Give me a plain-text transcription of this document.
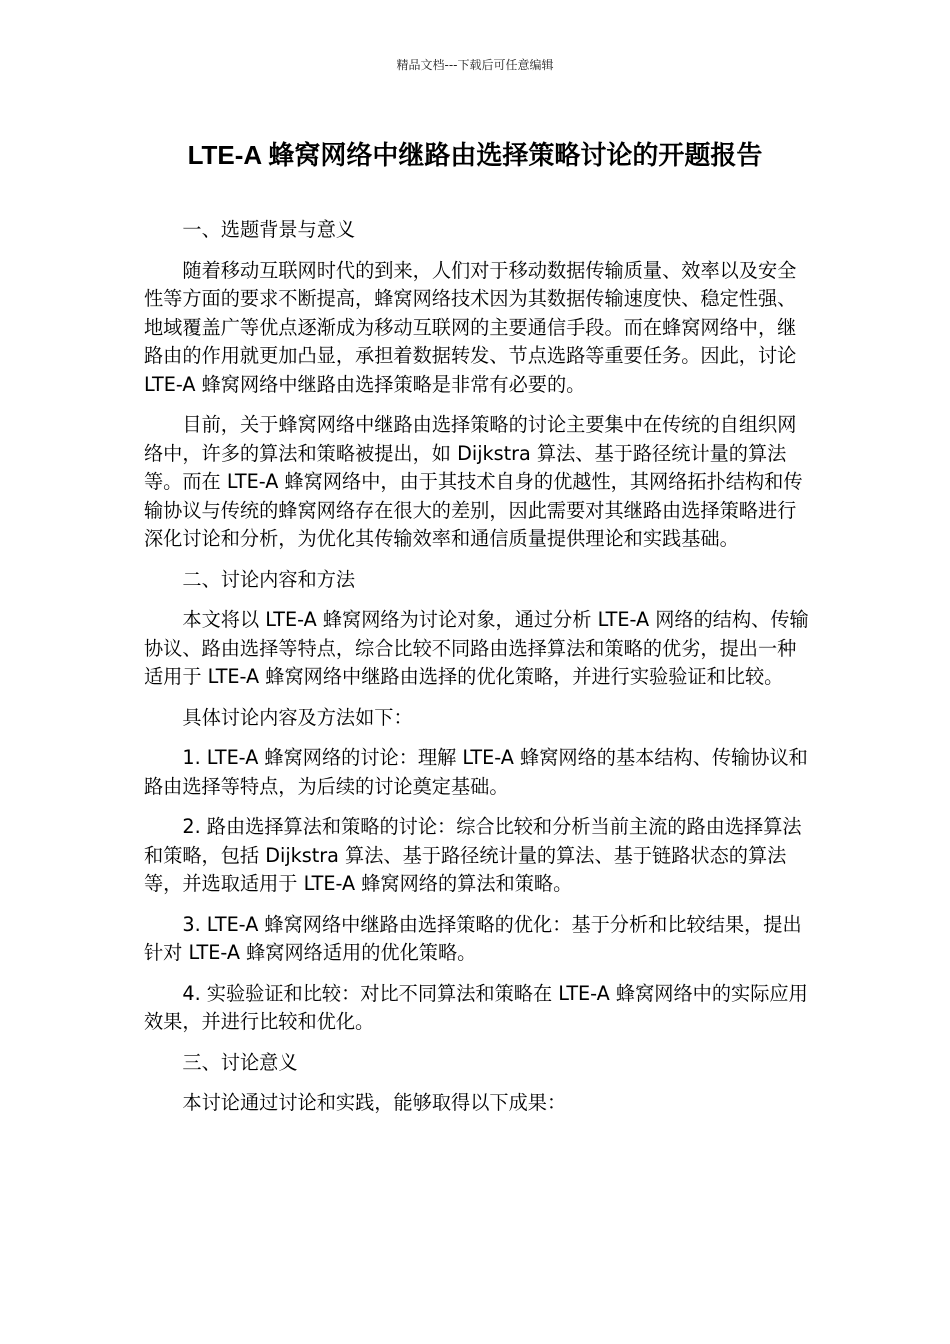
精品文档---下载后可任意编辑
LTE-A 蜂窝网络中继路由选择策略讨论的开题报告

一、选题背景与意义

随着移动互联网时代的到来，人们对于移动数据传输质量、效率以及安全性等方面的要求不断提高，蜂窝网络技术因为其数据传输速度快、稳定性强、地域覆盖广等优点逐渐成为移动互联网的主要通信手段。而在蜂窝网络中，继路由的作用就更加凸显，承担着数据转发、节点选路等重要任务。因此，讨论 LTE-A 蜂窝网络中继路由选择策略是非常有必要的。

目前，关于蜂窝网络中继路由选择策略的讨论主要集中在传统的自组织网络中，许多的算法和策略被提出，如 Dijkstra 算法、基于路径统计量的算法等。而在 LTE-A 蜂窝网络中，由于其技术自身的优越性，其网络拓扑结构和传输协议与传统的蜂窝网络存在很大的差别，因此需要对其继路由选择策略进行深化讨论和分析，为优化其传输效率和通信质量提供理论和实践基础。

二、讨论内容和方法

本文将以 LTE-A 蜂窝网络为讨论对象，通过分析 LTE-A 网络的结构、传输协议、路由选择等特点，综合比较不同路由选择算法和策略的优劣，提出一种适用于 LTE-A 蜂窝网络中继路由选择的优化策略，并进行实验验证和比较。

具体讨论内容及方法如下：

1. LTE-A 蜂窝网络的讨论：理解 LTE-A 蜂窝网络的基本结构、传输协议和路由选择等特点，为后续的讨论奠定基础。

2. 路由选择算法和策略的讨论：综合比较和分析当前主流的路由选择算法和策略，包括 Dijkstra 算法、基于路径统计量的算法、基于链路状态的算法等，并选取适用于 LTE-A 蜂窝网络的算法和策略。

3. LTE-A 蜂窝网络中继路由选择策略的优化：基于分析和比较结果，提出针对 LTE-A 蜂窝网络适用的优化策略。

4. 实验验证和比较：对比不同算法和策略在 LTE-A 蜂窝网络中的实际应用效果，并进行比较和优化。

三、讨论意义

本讨论通过讨论和实践，能够取得以下成果：
